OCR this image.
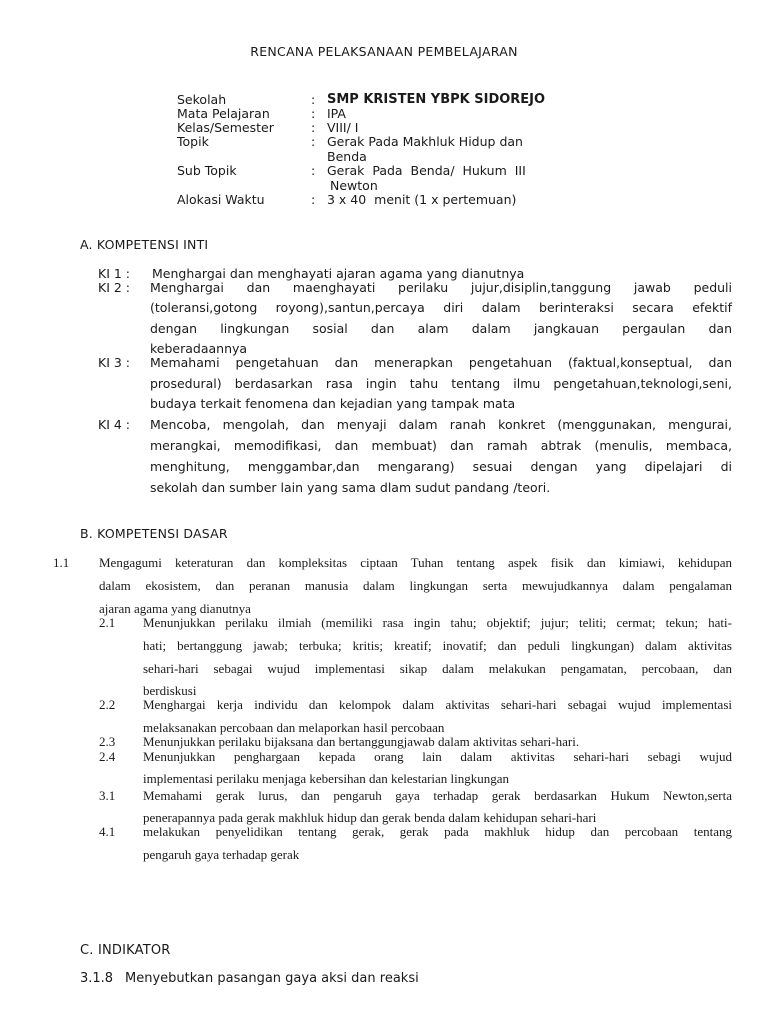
RENCANA PELAKSANAAN PEMBELAJARAN
Sekolah	: SMP KRISTEN YBPK SIDOREJO
Mata Pelajaran	: IPA
Kelas/Semester	: VIII/ I
Topik	: Gerak Pada Makhluk Hidup dan
Benda
Sub Topik	: Gerak  Pada  Benda/  Hukum  III
Newton
Alokasi Waktu	: 3 x 40  menit (1 x pertemuan)
A. KOMPETENSI INTI
KI 1 : Menghargai dan menghayati ajaran agama yang dianutnya
KI 2 : Menghargai dan maenghayati perilaku jujur,disiplin,tanggung jawab peduli
(toleransi,gotong royong),santun,percaya diri dalam berinteraksi secara efektif
dengan lingkungan sosial dan alam dalam jangkauan pergaulan dan
keberadaannya
KI 3 : Memahami pengetahuan dan menerapkan pengetahuan (faktual,konseptual, dan
prosedural) berdasarkan rasa ingin tahu tentang ilmu pengetahuan,teknologi,seni,
budaya terkait fenomena dan kejadian yang tampak mata
KI 4 : Mencoba, mengolah, dan menyaji dalam ranah konkret (menggunakan, mengurai,
merangkai, memodifikasi, dan membuat) dan ramah abtrak (menulis, membaca,
menghitung, menggambar,dan mengarang) sesuai dengan yang dipelajari di
sekolah dan sumber lain yang sama dlam sudut pandang /teori.
B. KOMPETENSI DASAR
1.1 Mengagumi keteraturan dan kompleksitas ciptaan Tuhan tentang aspek fisik dan kimiawi, kehidupan
dalam ekosistem, dan peranan manusia dalam lingkungan serta mewujudkannya dalam pengalaman
ajaran agama yang dianutnya
2.1 Menunjukkan perilaku ilmiah (memiliki rasa ingin tahu; objektif; jujur; teliti; cermat; tekun; hati-
hati; bertanggung jawab; terbuka; kritis; kreatif; inovatif; dan peduli lingkungan) dalam aktivitas
sehari-hari sebagai wujud implementasi sikap dalam melakukan pengamatan, percobaan, dan
berdiskusi
2.2 Menghargai kerja individu dan kelompok dalam aktivitas sehari-hari sebagai wujud implementasi
melaksanakan percobaan dan melaporkan hasil percobaan
2.3 Menunjukkan perilaku bijaksana dan bertanggungjawab dalam aktivitas sehari-hari.
2.4 Menunjukkan penghargaan kepada orang lain dalam aktivitas sehari-hari sebagi wujud
implementasi perilaku menjaga kebersihan dan kelestarian lingkungan
3.1 Memahami gerak lurus, dan pengaruh gaya terhadap gerak berdasarkan Hukum Newton,serta
penerapannya pada gerak makhluk hidup dan gerak benda dalam kehidupan sehari-hari
4.1 melakukan penyelidikan tentang gerak, gerak pada makhluk hidup dan percobaan tentang
pengaruh gaya terhadap gerak
C. INDIKATOR
3.1.8 Menyebutkan pasangan gaya aksi dan reaksi
